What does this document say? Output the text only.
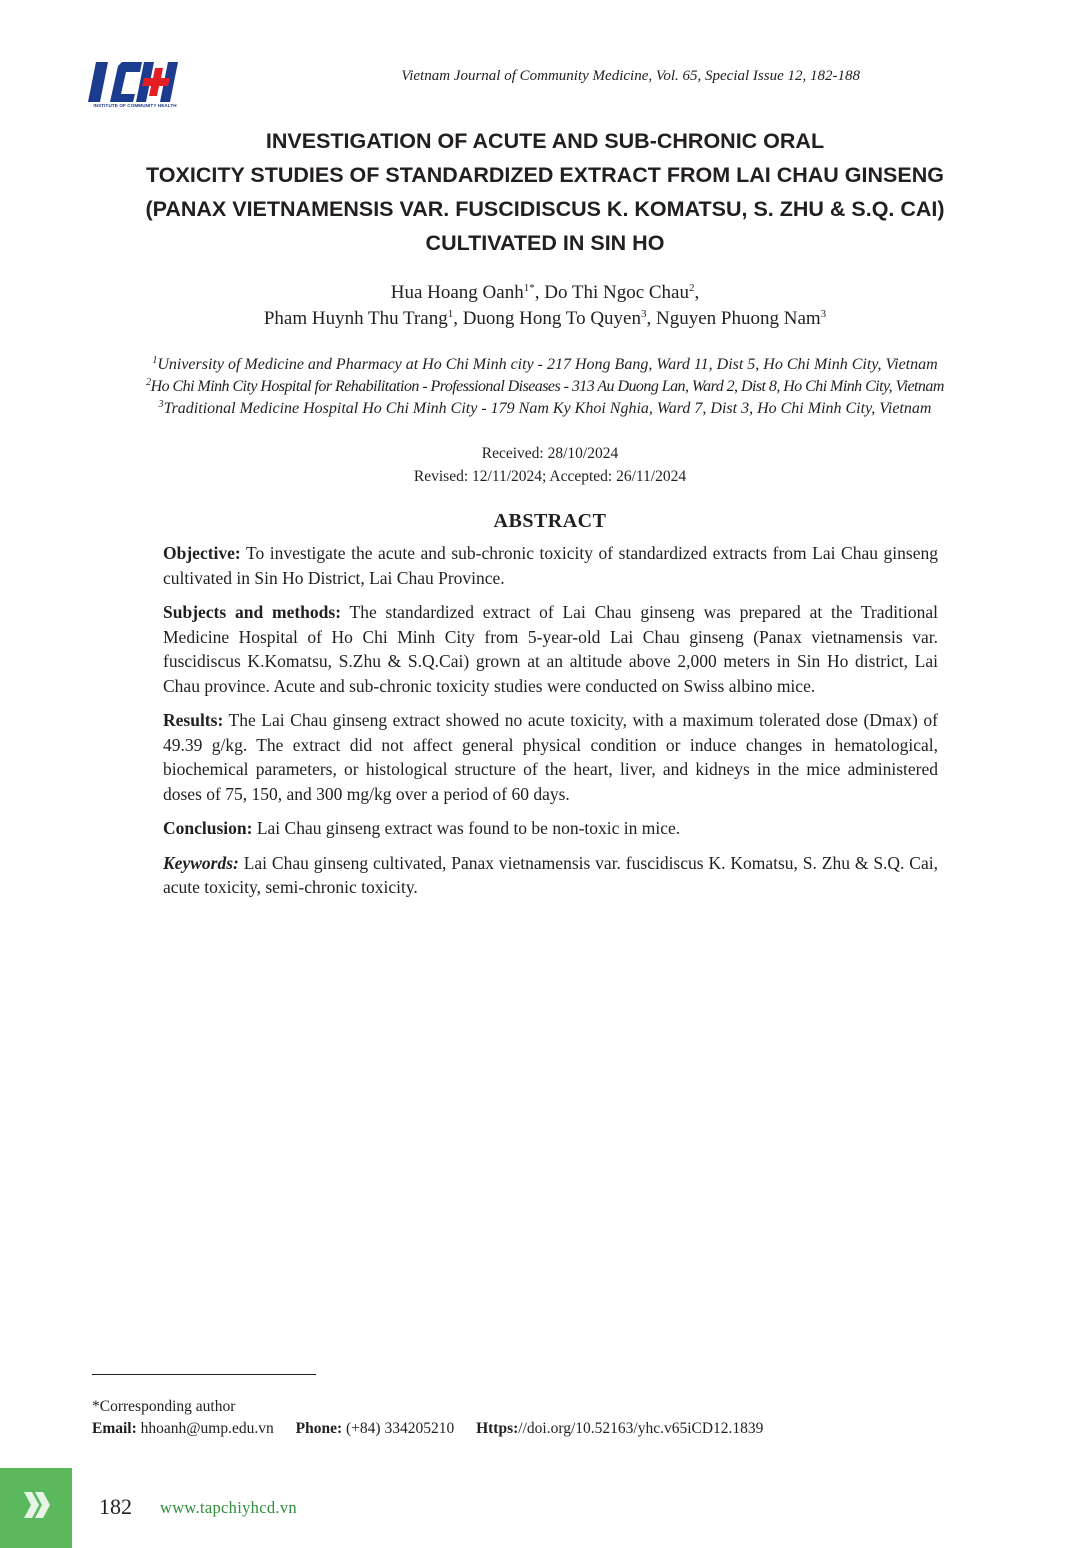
INSTITUTE OF COMMUNITY HEALTH
Vietnam Journal of Community Medicine, Vol. 65, Special Issue 12, 182-188
INVESTIGATION OF ACUTE AND SUB-CHRONIC ORAL
TOXICITY STUDIES OF STANDARDIZED EXTRACT FROM LAI CHAU GINSENG
(PANAX VIETNAMENSIS VAR. FUSCIDISCUS K. KOMATSU, S. ZHU & S.Q. CAI)
CULTIVATED IN SIN HO
Hua Hoang Oanh$^{1*}$, Do Thi Ngoc Chau$^2$,
Pham Huynh Thu Trang$^1$, Duong Hong To Quyen$^3$, Nguyen Phuong Nam$^3$
$^1$University of Medicine and Pharmacy at Ho Chi Minh city - 217 Hong Bang, Ward 11, Dist 5, Ho Chi Minh City, Vietnam
$^2$Ho Chi Minh City Hospital for Rehabilitation - Professional Diseases - 313 Au Duong Lan, Ward 2, Dist 8, Ho Chi Minh City, Vietnam
$^3$Traditional Medicine Hospital Ho Chi Minh City - 179 Nam Ky Khoi Nghia, Ward 7, Dist 3, Ho Chi Minh City, Vietnam
Received: 28/10/2024
Revised: 12/11/2024; Accepted: 26/11/2024
ABSTRACT

Objective: To investigate the acute and sub-chronic toxicity of standardized extracts from Lai Chau ginseng cultivated in Sin Ho District, Lai Chau Province.

Subjects and methods: The standardized extract of Lai Chau ginseng was prepared at the Traditional Medicine Hospital of Ho Chi Minh City from 5-year-old Lai Chau ginseng (Panax vietnamensis var. fuscidiscus K.Komatsu, S.Zhu & S.Q.Cai) grown at an altitude above 2,000 meters in Sin Ho district, Lai Chau province. Acute and sub-chronic toxicity studies were conducted on Swiss albino mice.

Results: The Lai Chau ginseng extract showed no acute toxicity, with a maximum tolerated dose (Dmax) of 49.39 g/kg. The extract did not affect general physical condition or induce changes in hematological, biochemical parameters, or histological structure of the heart, liver, and kidneys in the mice administered doses of 75, 150, and 300 mg/kg over a period of 60 days.

Conclusion: Lai Chau ginseng extract was found to be non-toxic in mice.

Keywords: Lai Chau ginseng cultivated, Panax vietnamensis var. fuscidiscus K. Komatsu, S. Zhu & S.Q. Cai, acute toxicity, semi-chronic toxicity.

*Corresponding author
Email: hhoanh@ump.edu.vn Phone: (+84) 334205210 Https://doi.org/10.52163/yhc.v65iCD12.1839
182 www.tapchiyhcd.vn
